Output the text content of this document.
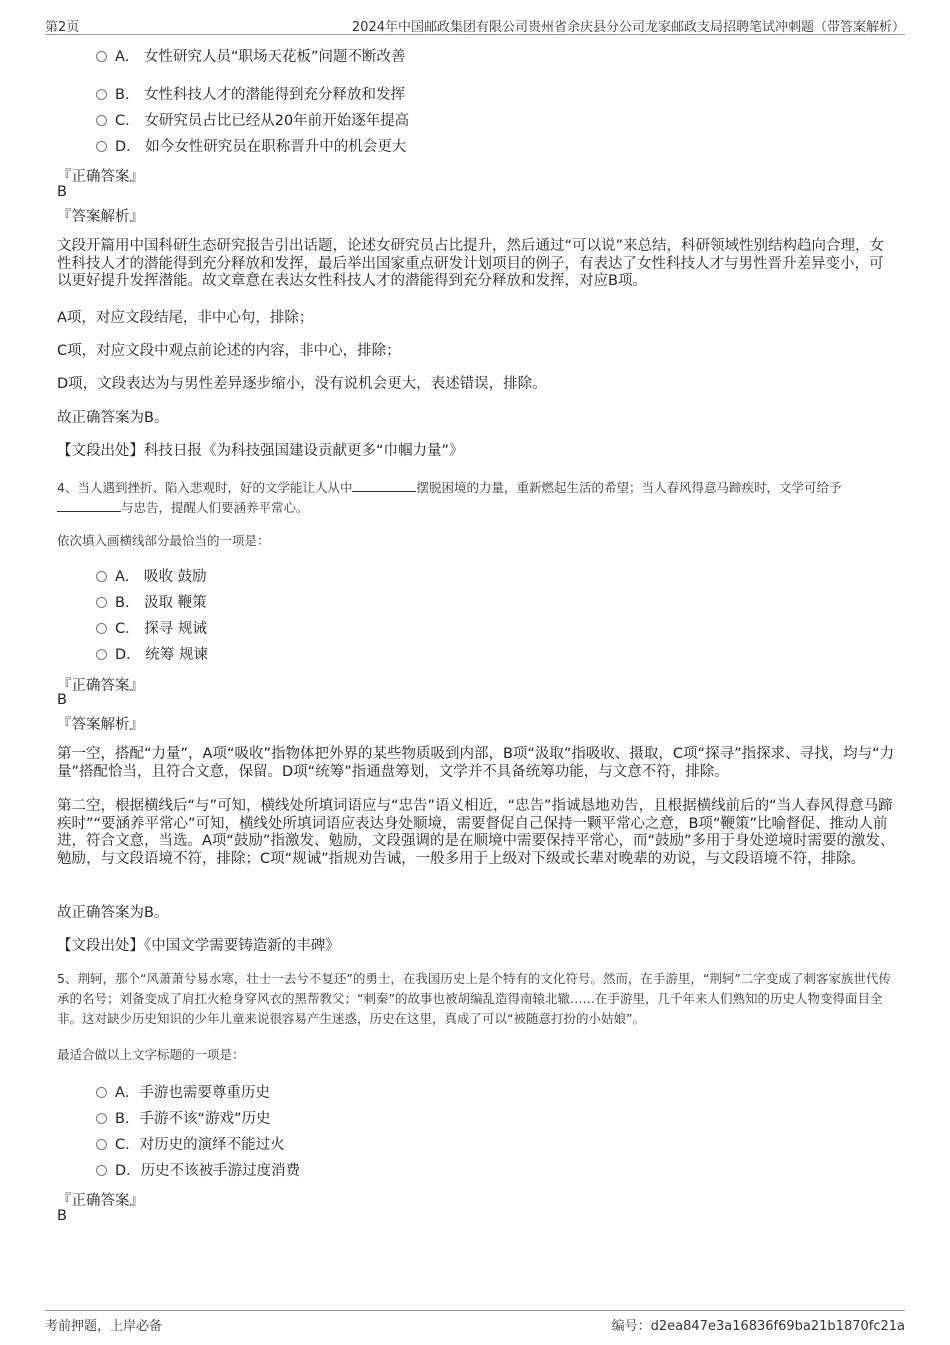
第2页	2024年中国邮政集团有限公司贵州省余庆县分公司龙家邮政支局招聘笔试冲刺题（带答案解析）
A． 女性研究人员“职场天花板”问题不断改善
B． 女性科技人才的潜能得到充分释放和发挥
C． 女研究员占比已经从20年前开始逐年提高
D． 如今女性研究员在职称晋升中的机会更大
『正确答案』
B
『答案解析』
文段开篇用中国科研生态研究报告引出话题，论述女研究员占比提升，然后通过“可以说”来总结，科研领域性别结构趋向合理，女性科技人才的潜能得到充分释放和发挥，最后举出国家重点研发计划项目的例子，有表达了女性科技人才与男性晋升差异变小，可以更好提升发挥潜能。故文章意在表达女性科技人才的潜能得到充分释放和发挥，对应B项。
A项，对应文段结尾，非中心句，排除；
C项，对应文段中观点前论述的内容，非中心，排除；
D项，文段表达为与男性差异逐步缩小，没有说机会更大，表述错误，排除。
故正确答案为B。
【文段出处】科技日报《为科技强国建设贡献更多“巾帼力量”》
4、当人遇到挫折、陷入悲观时，好的文学能让人从中	摆脱困境的力量，重新燃起生活的希望；当人春风得意马蹄疾时，文学可给予
与忠告，提醒人们要涵养平常心。
依次填入画横线部分最恰当的一项是：
A． 吸收 鼓励
B． 汲取 鞭策
C． 探寻 规诫
D． 统筹 规谏
『正确答案』
B
『答案解析』
第一空，搭配“力量”，A项“吸收”指物体把外界的某些物质吸到内部，B项“汲取”指吸收、摄取，C项“探寻”指探求、寻找，均与“力量”搭配恰当，且符合文意，保留。D项“统筹”指通盘筹划，文学并不具备统筹功能，与文意不符，排除。
第二空，根据横线后“与”可知，横线处所填词语应与“忠告”语义相近，“忠告”指诚恳地劝告，且根据横线前后的“当人春风得意马蹄疾时”“要涵养平常心”可知，横线处所填词语应表达身处顺境，需要督促自己保持一颗平常心之意，B项“鞭策”比喻督促、推动人前进，符合文意，当选。A项“鼓励”指激发、勉励，文段强调的是在顺境中需要保持平常心，而“鼓励”多用于身处逆境时需要的激发、勉励，与文段语境不符，排除；C项“规诫”指规劝告诫，一般多用于上级对下级或长辈对晚辈的劝说，与文段语境不符，排除。
故正确答案为B。
【文段出处】《中国文学需要铸造新的丰碑》
5、荆轲，那个“风萧萧兮易水寒，壮士一去兮不复还”的勇士，在我国历史上是个特有的文化符号。然而，在手游里，“荆轲”二字变成了刺客家族世代传承的名号；刘备变成了肩扛火枪身穿风衣的黑帮教父；“刺秦”的故事也被胡编乱造得南辕北辙……在手游里，几千年来人们熟知的历史人物变得面目全非。这对缺少历史知识的少年儿童来说很容易产生迷惑，历史在这里，真成了可以“被随意打扮的小姑娘”。
最适合做以上文字标题的一项是：
A．手游也需要尊重历史
B．手游不该“游戏”历史
C．对历史的演绎不能过火
D．历史不该被手游过度消费
『正确答案』
B
考前押题，上岸必备	编号：d2ea847e3a16836f69ba21b1870fc21a
